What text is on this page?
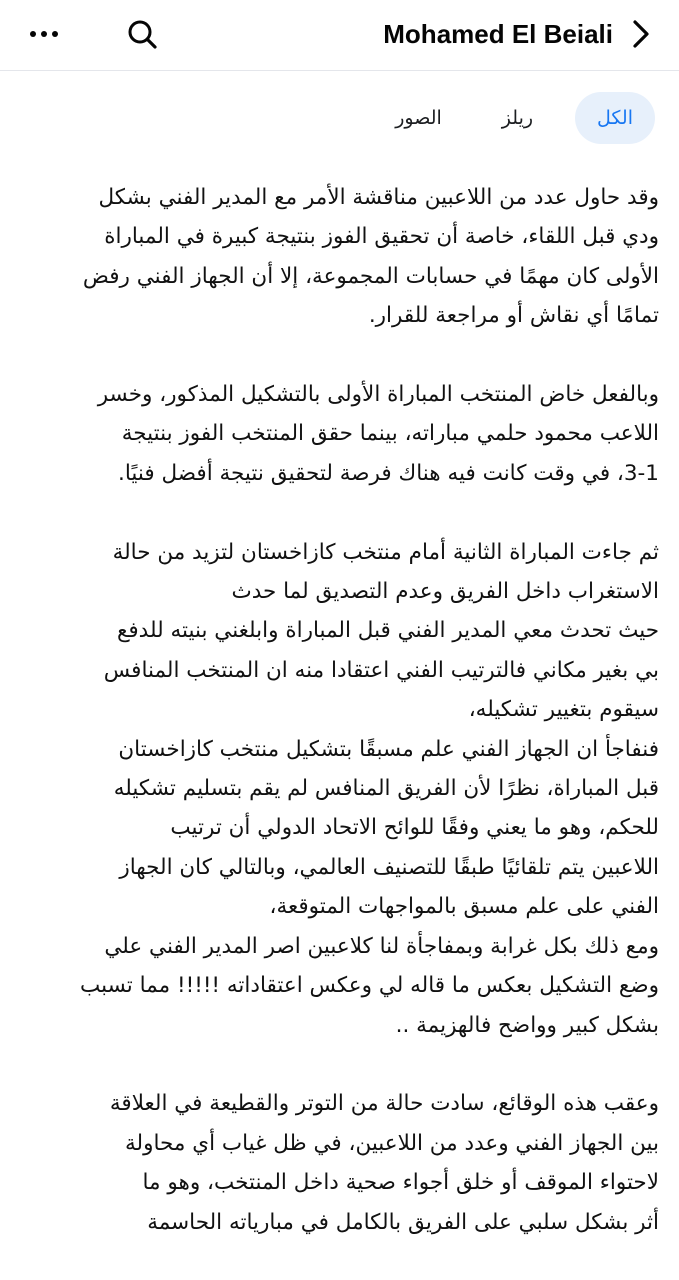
Mohamed El Beiali
الكل
ريلز
الصور

وقد حاول عدد من اللاعبين مناقشة الأمر مع المدير الفني بشكل
ودي قبل اللقاء، خاصة أن تحقيق الفوز بنتيجة كبيرة في المباراة
الأولى كان مهمًا في حسابات المجموعة، إلا أن الجهاز الفني رفض
تمامًا أي نقاش أو مراجعة للقرار.

وبالفعل خاض المنتخب المباراة الأولى بالتشكيل المذكور، وخسر
اللاعب محمود حلمي مباراته، بينما حقق المنتخب الفوز بنتيجة
3-1، في وقت كانت فيه هناك فرصة لتحقيق نتيجة أفضل فنيًا.

ثم جاءت المباراة الثانية أمام منتخب كازاخستان لتزيد من حالة
الاستغراب داخل الفريق وعدم التصديق لما حدث
حيث تحدث معي المدير الفني قبل المباراة وابلغني بنيته للدفع
بي بغير مكاني فالترتيب الفني اعتقادا منه ان المنتخب المنافس
سيقوم بتغيير تشكيله،
فنفاجأ ان الجهاز الفني علم مسبقًا بتشكيل منتخب كازاخستان
قبل المباراة، نظرًا لأن الفريق المنافس لم يقم بتسليم تشكيله
للحكم، وهو ما يعني وفقًا للوائح الاتحاد الدولي أن ترتيب
اللاعبين يتم تلقائيًا طبقًا للتصنيف العالمي، وبالتالي كان الجهاز
الفني على علم مسبق بالمواجهات المتوقعة،
ومع ذلك بكل غرابة وبمفاجأة لنا كلاعبين اصر المدير الفني علي
وضع التشكيل بعكس ما قاله لي وعكس اعتقاداته !!!!! مما تسبب
بشكل كبير وواضح فالهزيمة ..

وعقب هذه الوقائع، سادت حالة من التوتر والقطيعة في العلاقة
بين الجهاز الفني وعدد من اللاعبين، في ظل غياب أي محاولة
لاحتواء الموقف أو خلق أجواء صحية داخل المنتخب، وهو ما
أثر بشكل سلبي على الفريق بالكامل في مبارياته الحاسمة
